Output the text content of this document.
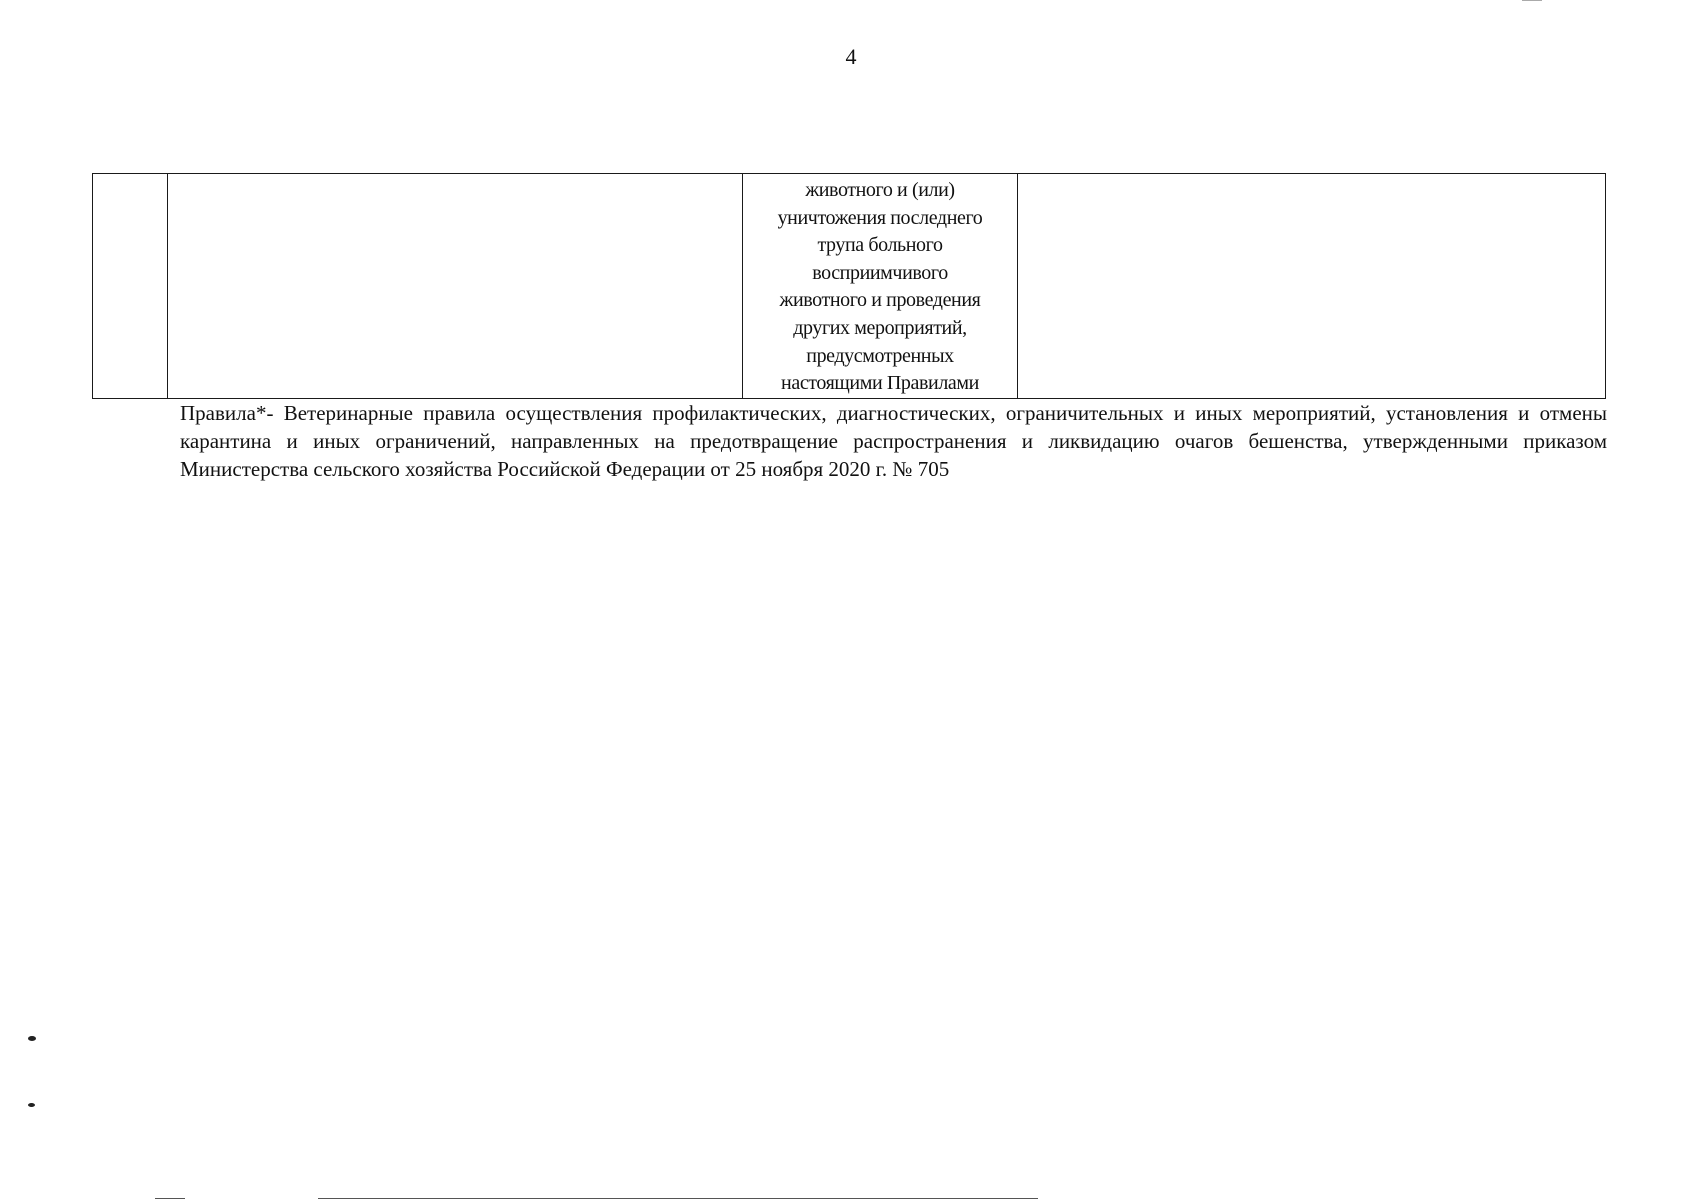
4

животного и (или)
уничтожения последнего
трупа больного
восприимчивого
животного и проведения
других мероприятий,
предусмотренных
настоящими Правилами

Правила*- Ветеринарные правила осуществления профилактических, диагностических, ограничительных и иных мероприятий, установления и отмены карантина и иных ограничений, направленных на предотвращение распространения и ликвидацию очагов бешенства, утвержденными приказом Министерства сельского хозяйства Российской Федерации от 25 ноября 2020 г. № 705
